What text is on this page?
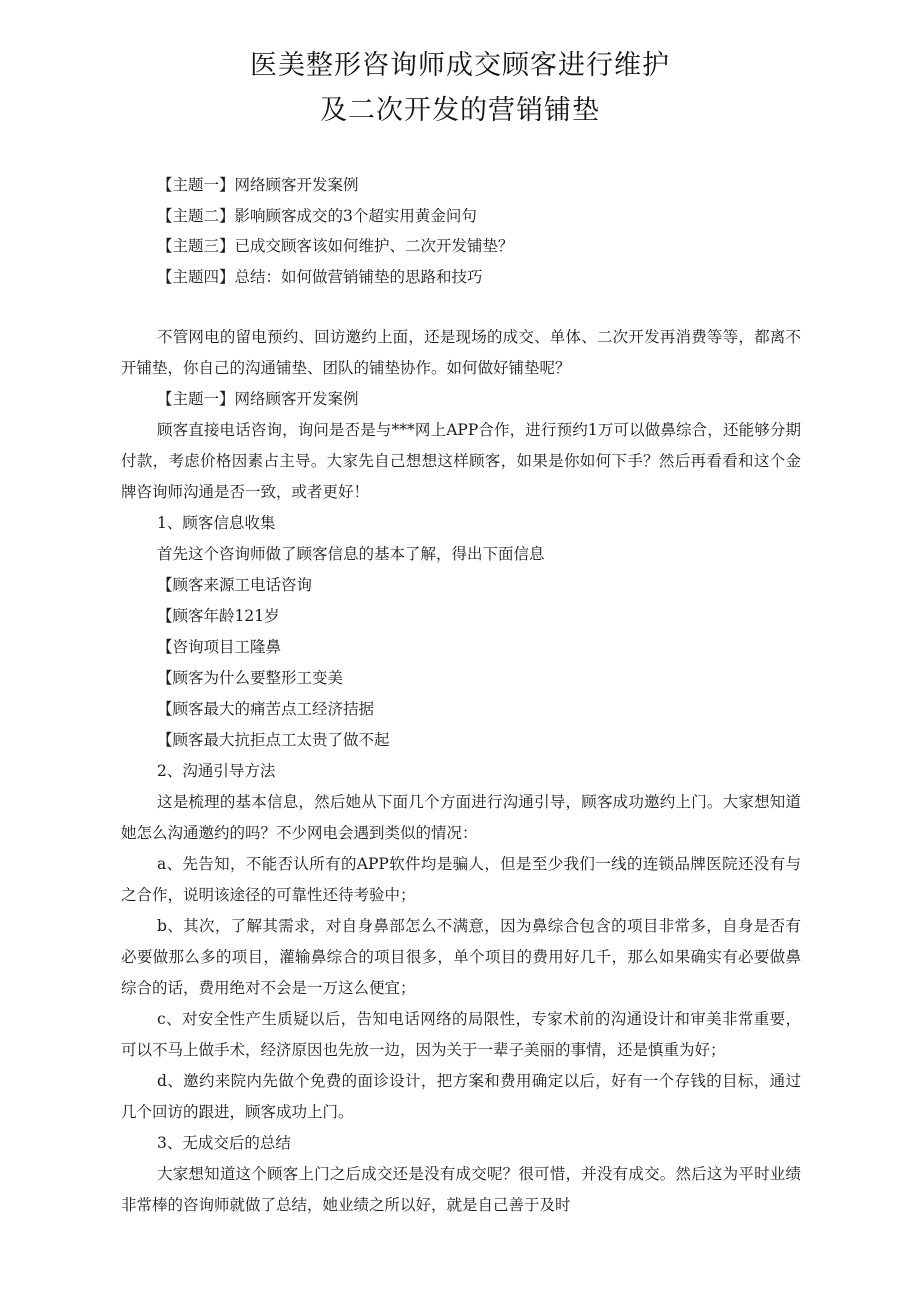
医美整形咨询师成交顾客进行维护
及二次开发的营销铺垫
【主题一】网络顾客开发案例
【主题二】影响顾客成交的3个超实用黄金问句
【主题三】已成交顾客该如何维护、二次开发铺垫？
【主题四】总结：如何做营销铺垫的思路和技巧

不管网电的留电预约、回访邀约上面，还是现场的成交、单体、二次开发再消费等等，都离不开铺垫，你自己的沟通铺垫、团队的铺垫协作。如何做好铺垫呢？

【主题一】网络顾客开发案例

顾客直接电话咨询，询问是否是与***网上APP合作，进行预约1万可以做鼻综合，还能够分期付款，考虑价格因素占主导。大家先自己想想这样顾客，如果是你如何下手？然后再看看和这个金牌咨询师沟通是否一致，或者更好！

1、顾客信息收集
首先这个咨询师做了顾客信息的基本了解，得出下面信息
【顾客来源工电话咨询
【顾客年龄121岁
【咨询项目工隆鼻
【顾客为什么要整形工变美
【顾客最大的痛苦点工经济拮据
【顾客最大抗拒点工太贵了做不起
2、沟通引导方法

这是梳理的基本信息，然后她从下面几个方面进行沟通引导，顾客成功邀约上门。大家想知道她怎么沟通邀约的吗？不少网电会遇到类似的情况：

a、先告知，不能否认所有的APP软件均是骗人，但是至少我们一线的连锁品牌医院还没有与之合作，说明该途径的可靠性还待考验中；

b、其次，了解其需求，对自身鼻部怎么不满意，因为鼻综合包含的项目非常多，自身是否有必要做那么多的项目，灌输鼻综合的项目很多，单个项目的费用好几千，那么如果确实有必要做鼻综合的话，费用绝对不会是一万这么便宜；

c、对安全性产生质疑以后，告知电话网络的局限性，专家术前的沟通设计和审美非常重要，可以不马上做手术，经济原因也先放一边，因为关于一辈子美丽的事情，还是慎重为好；

d、邀约来院内先做个免费的面诊设计，把方案和费用确定以后，好有一个存钱的目标，通过几个回访的跟进，顾客成功上门。

3、无成交后的总结

大家想知道这个顾客上门之后成交还是没有成交呢？很可惜，并没有成交。然后这为平时业绩非常棒的咨询师就做了总结，她业绩之所以好，就是自己善于及时
